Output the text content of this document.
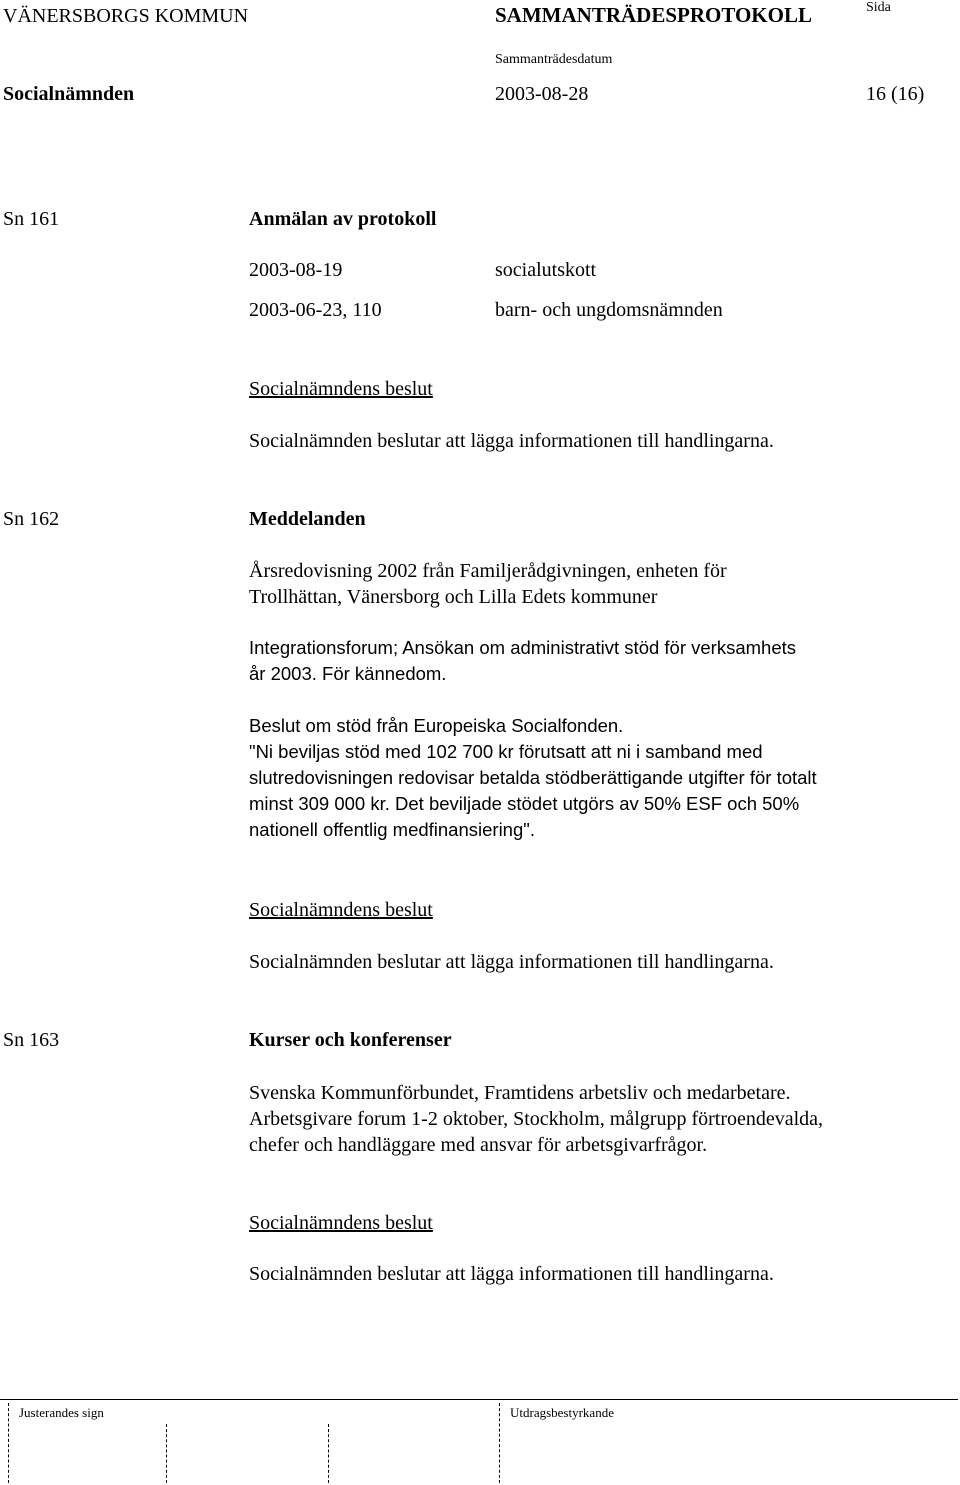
VÄNERSBORGS KOMMUN	SAMMANTRÄDESPROTOKOLL	Sida
Sammanträdesdatum
Socialnämnden	2003-08-28	16 (16)
Sn 161	Anmälan av protokoll
2003-08-19	socialutskott
2003-06-23, 110	barn- och ungdomsnämnden
Socialnämndens beslut
Socialnämnden beslutar att lägga informationen till handlingarna.
Sn 162	Meddelanden
Årsredovisning 2002 från Familjerådgivningen, enheten för
Trollhättan, Vänersborg och Lilla Edets kommuner
Integrationsforum; Ansökan om administrativt stöd för verksamhets
år 2003. För kännedom.
Beslut om stöd från Europeiska Socialfonden.
"Ni beviljas stöd med 102 700 kr förutsatt att ni i samband med
slutredovisningen redovisar betalda stödberättigande utgifter för totalt
minst 309 000 kr. Det beviljade stödet utgörs av 50% ESF och 50%
nationell offentlig medfinansiering".
Socialnämndens beslut
Socialnämnden beslutar att lägga informationen till handlingarna.
Sn 163	Kurser och konferenser
Svenska Kommunförbundet, Framtidens arbetsliv och medarbetare.
Arbetsgivare forum 1-2 oktober, Stockholm, målgrupp förtroendevalda,
chefer och handläggare med ansvar för arbetsgivarfrågor.
Socialnämndens beslut
Socialnämnden beslutar att lägga informationen till handlingarna.
Justerandes sign	Utdragsbestyrkande
